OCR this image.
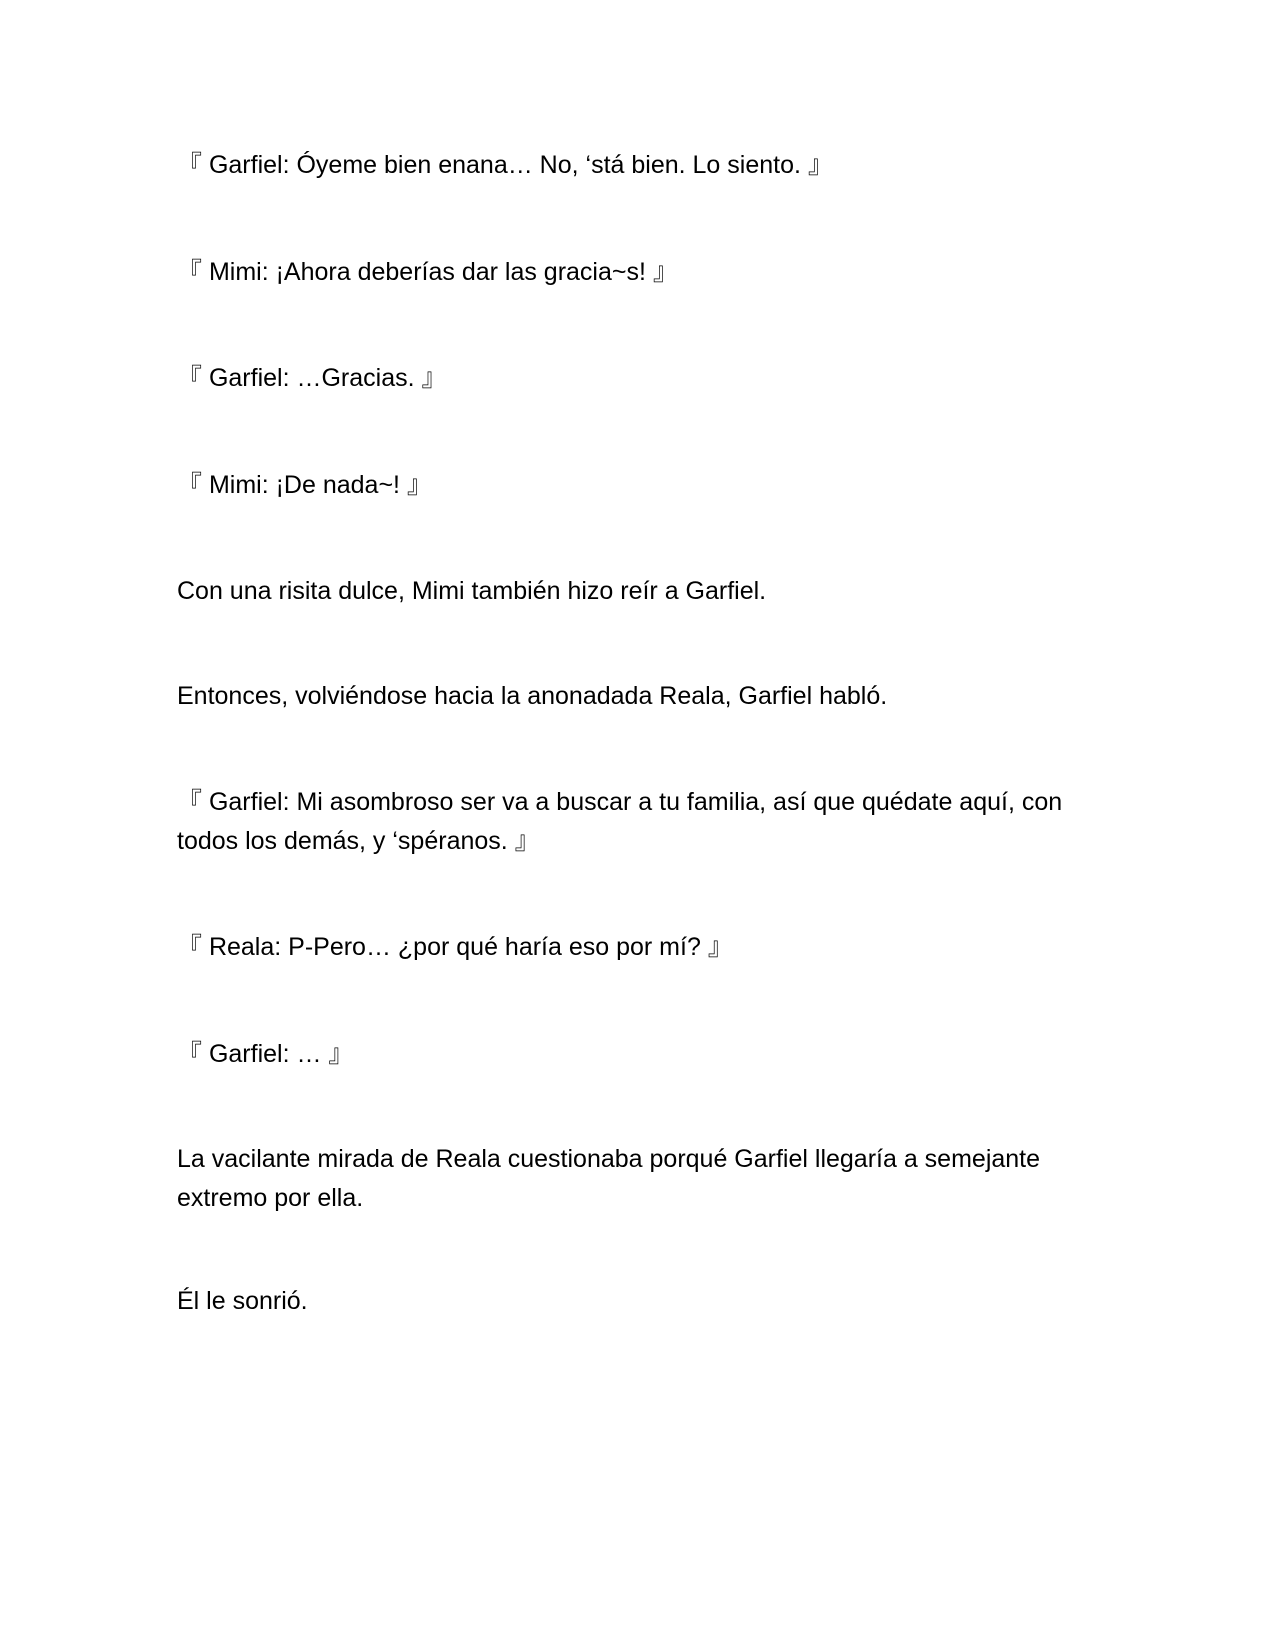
『 Garfiel: Óyeme bien enana… No, ‘stá bien. Lo siento. 』

『 Mimi: ¡Ahora deberías dar las gracia~s! 』

『 Garfiel: …Gracias. 』

『 Mimi: ¡De nada~! 』

Con una risita dulce, Mimi también hizo reír a Garfiel.

Entonces, volviéndose hacia la anonadada Reala, Garfiel habló.

『 Garfiel: Mi asombroso ser va a buscar a tu familia, así que quédate aquí, con todos los demás, y ‘spéranos. 』

『 Reala: P-Pero… ¿por qué haría eso por mí? 』

『 Garfiel: … 』

La vacilante mirada de Reala cuestionaba porqué Garfiel llegaría a semejante extremo por ella.

Él le sonrió.
